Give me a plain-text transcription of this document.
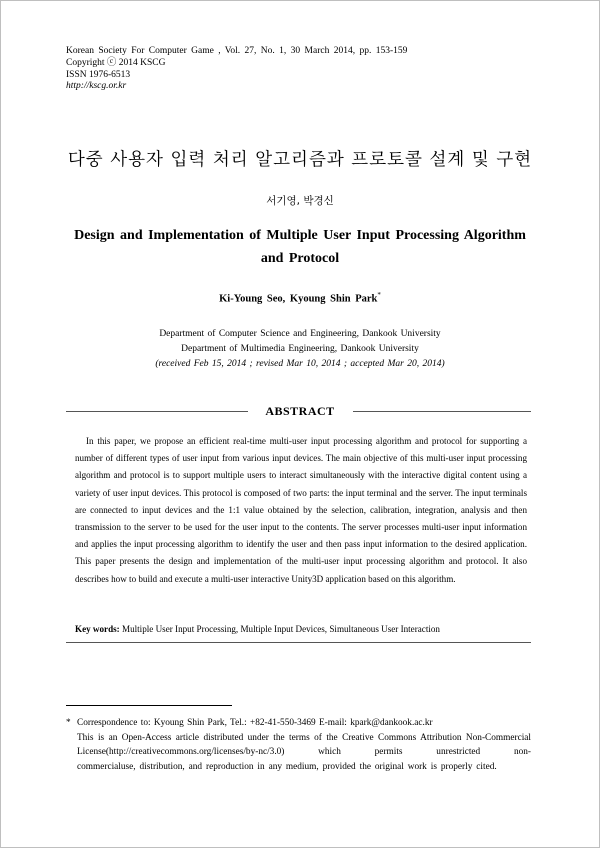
Korean Society For Computer Game , Vol. 27, No. 1, 30 March 2014, pp. 153-159
Copyright ⓒ 2014 KSCG
ISSN 1976-6513
http://kscg.or.kr
다중 사용자 입력 처리 알고리즘과 프로토콜 설계 및 구현
서기영, 박경신
Design and Implementation of Multiple User Input Processing Algorithm
and Protocol
Ki-Young Seo, Kyoung Shin Park*
Department of Computer Science and Engineering, Dankook University
Department of Multimedia Engineering, Dankook University
(received Feb 15, 2014 ; revised Mar 10, 2014 ; accepted Mar 20, 2014)
ABSTRACT

In this paper, we propose an efficient real-time multi-user input processing algorithm and protocol for supporting a number of different types of user input from various input devices. The main objective of this multi-user input processing algorithm and protocol is to support multiple users to interact simultaneously with the interactive digital content using a variety of user input devices. This protocol is composed of two parts: the input terminal and the server. The input terminals are connected to input devices and the 1:1 value obtained by the selection, calibration, integration, analysis and then transmission to the server to be used for the user input to the contents. The server processes multi-user input information and applies the input processing algorithm to identify the user and then pass input information to the desired application. This paper presents the design and implementation of the multi-user input processing algorithm and protocol. It also describes how to build and execute a multi-user interactive Unity3D application based on this algorithm.

Key words: Multiple User Input Processing, Multiple Input Devices, Simultaneous User Interaction
* Correspondence to: Kyoung Shin Park, Tel.: +82-41-550-3469 E-mail: kpark@dankook.ac.kr

This is an Open-Access article distributed under the terms of the Creative Commons Attribution Non-Commercial License(http://creativecommons.org/licenses/by-nc/3.0) which permits unrestricted non-

commercialuse, distribution, and reproduction in any medium, provided the original work is properly cited.
